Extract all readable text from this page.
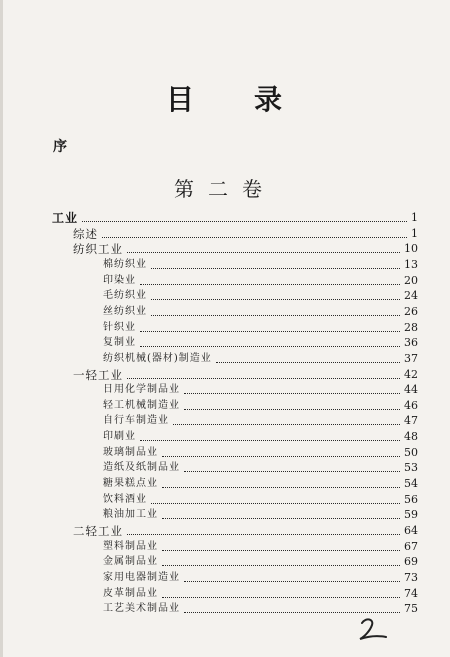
目 录
序
第二卷
工业	1
综述	1
纺织工业	10
棉纺织业	13
印染业	20
毛纺织业	24
丝纺织业	26
针织业	28
复制业	36
纺织机械(器材)制造业	37
一轻工业	42
日用化学制品业	44
轻工机械制造业	46
自行车制造业	47
印刷业	48
玻璃制品业	50
造纸及纸制品业	53
糖果糕点业	54
饮料酒业	56
粮油加工业	59
二轻工业	64
塑料制品业	67
金属制品业	69
家用电器制造业	73
皮革制品业	74
工艺美术制品业	75
